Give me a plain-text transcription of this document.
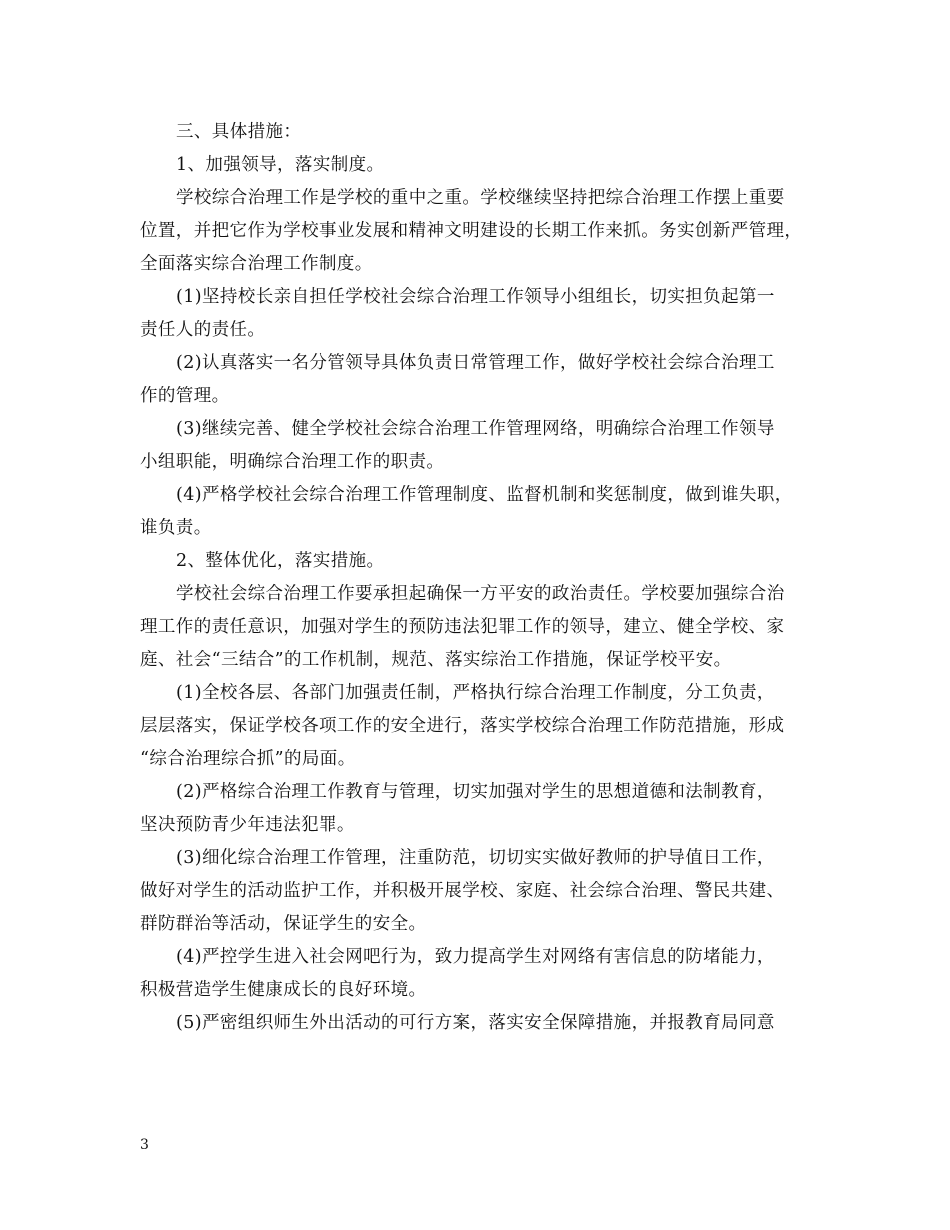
三、具体措施：
1、加强领导，落实制度。
学校综合治理工作是学校的重中之重。学校继续坚持把综合治理工作摆上重要
位置，并把它作为学校事业发展和精神文明建设的长期工作来抓。务实创新严管理，
全面落实综合治理工作制度。
(1)坚持校长亲自担任学校社会综合治理工作领导小组组长，切实担负起第一
责任人的责任。
(2)认真落实一名分管领导具体负责日常管理工作，做好学校社会综合治理工
作的管理。
(3)继续完善、健全学校社会综合治理工作管理网络，明确综合治理工作领导
小组职能，明确综合治理工作的职责。
(4)严格学校社会综合治理工作管理制度、监督机制和奖惩制度，做到谁失职，
谁负责。
2、整体优化，落实措施。
学校社会综合治理工作要承担起确保一方平安的政治责任。学校要加强综合治
理工作的责任意识，加强对学生的预防违法犯罪工作的领导，建立、健全学校、家
庭、社会“三结合”的工作机制，规范、落实综治工作措施，保证学校平安。
(1)全校各层、各部门加强责任制，严格执行综合治理工作制度，分工负责，
层层落实，保证学校各项工作的安全进行，落实学校综合治理工作防范措施，形成
“综合治理综合抓”的局面。
(2)严格综合治理工作教育与管理，切实加强对学生的思想道德和法制教育，
坚决预防青少年违法犯罪。
(3)细化综合治理工作管理，注重防范，切切实实做好教师的护导值日工作，
做好对学生的活动监护工作，并积极开展学校、家庭、社会综合治理、警民共建、
群防群治等活动，保证学生的安全。
(4)严控学生进入社会网吧行为，致力提高学生对网络有害信息的防堵能力，
积极营造学生健康成长的良好环境。
(5)严密组织师生外出活动的可行方案，落实安全保障措施，并报教育局同意
3
